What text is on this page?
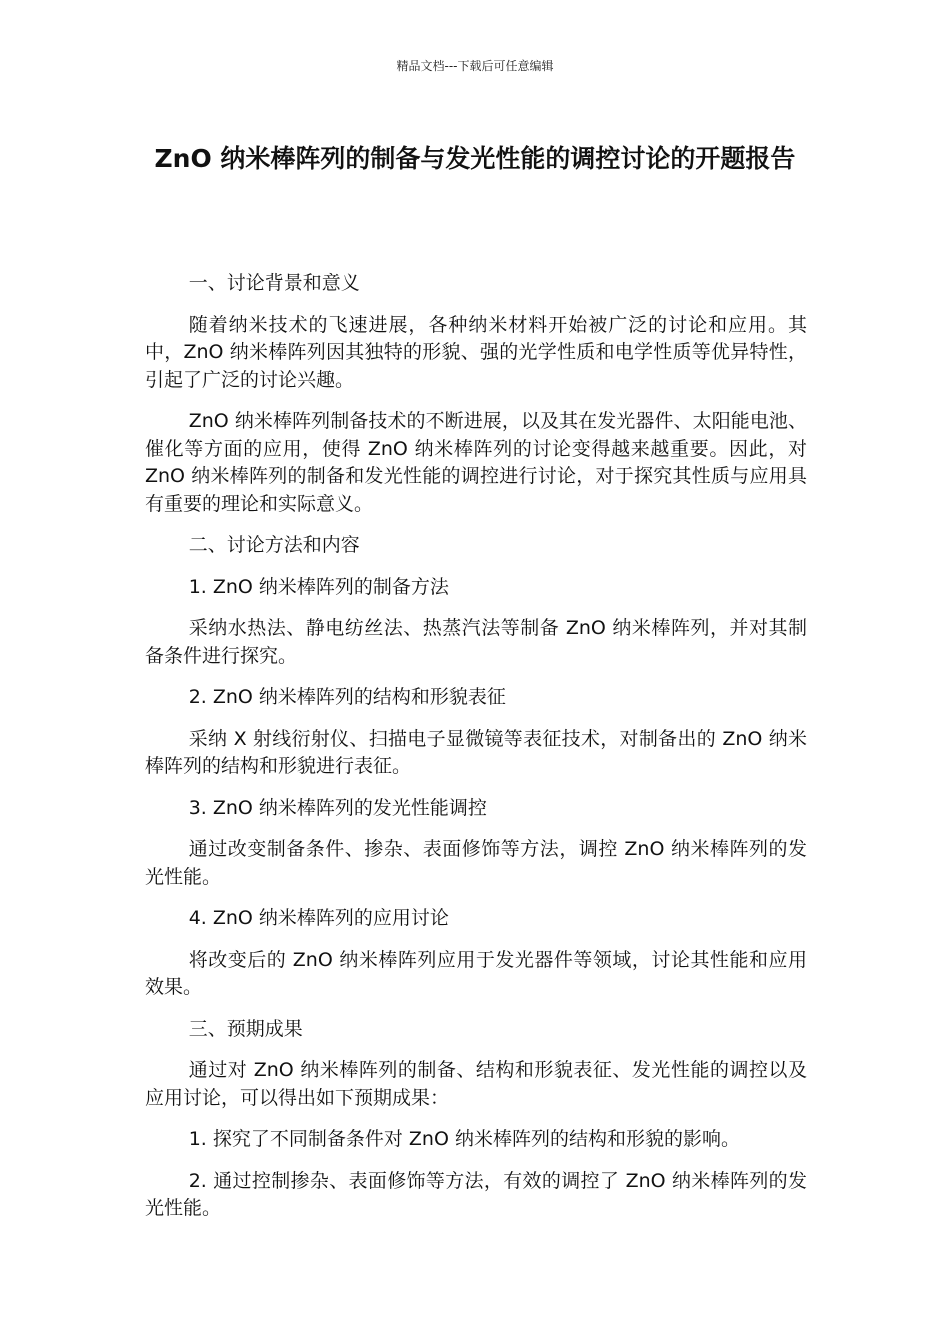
精品文档---下载后可任意编辑
ZnO 纳米棒阵列的制备与发光性能的调控讨论的开题报告

一、讨论背景和意义

随着纳米技术的飞速进展，各种纳米材料开始被广泛的讨论和应用。其中，ZnO 纳米棒阵列因其独特的形貌、强的光学性质和电学性质等优异特性，引起了广泛的讨论兴趣。

ZnO 纳米棒阵列制备技术的不断进展，以及其在发光器件、太阳能电池、催化等方面的应用，使得 ZnO 纳米棒阵列的讨论变得越来越重要。因此，对 ZnO 纳米棒阵列的制备和发光性能的调控进行讨论，对于探究其性质与应用具有重要的理论和实际意义。

二、讨论方法和内容

1. ZnO 纳米棒阵列的制备方法

采纳水热法、静电纺丝法、热蒸汽法等制备 ZnO 纳米棒阵列，并对其制备条件进行探究。

2. ZnO 纳米棒阵列的结构和形貌表征

采纳 X 射线衍射仪、扫描电子显微镜等表征技术，对制备出的 ZnO 纳米棒阵列的结构和形貌进行表征。

3. ZnO 纳米棒阵列的发光性能调控

通过改变制备条件、掺杂、表面修饰等方法，调控 ZnO 纳米棒阵列的发光性能。

4. ZnO 纳米棒阵列的应用讨论

将改变后的 ZnO 纳米棒阵列应用于发光器件等领域，讨论其性能和应用效果。

三、预期成果

通过对 ZnO 纳米棒阵列的制备、结构和形貌表征、发光性能的调控以及应用讨论，可以得出如下预期成果：

1. 探究了不同制备条件对 ZnO 纳米棒阵列的结构和形貌的影响。

2. 通过控制掺杂、表面修饰等方法，有效的调控了 ZnO 纳米棒阵列的发光性能。
